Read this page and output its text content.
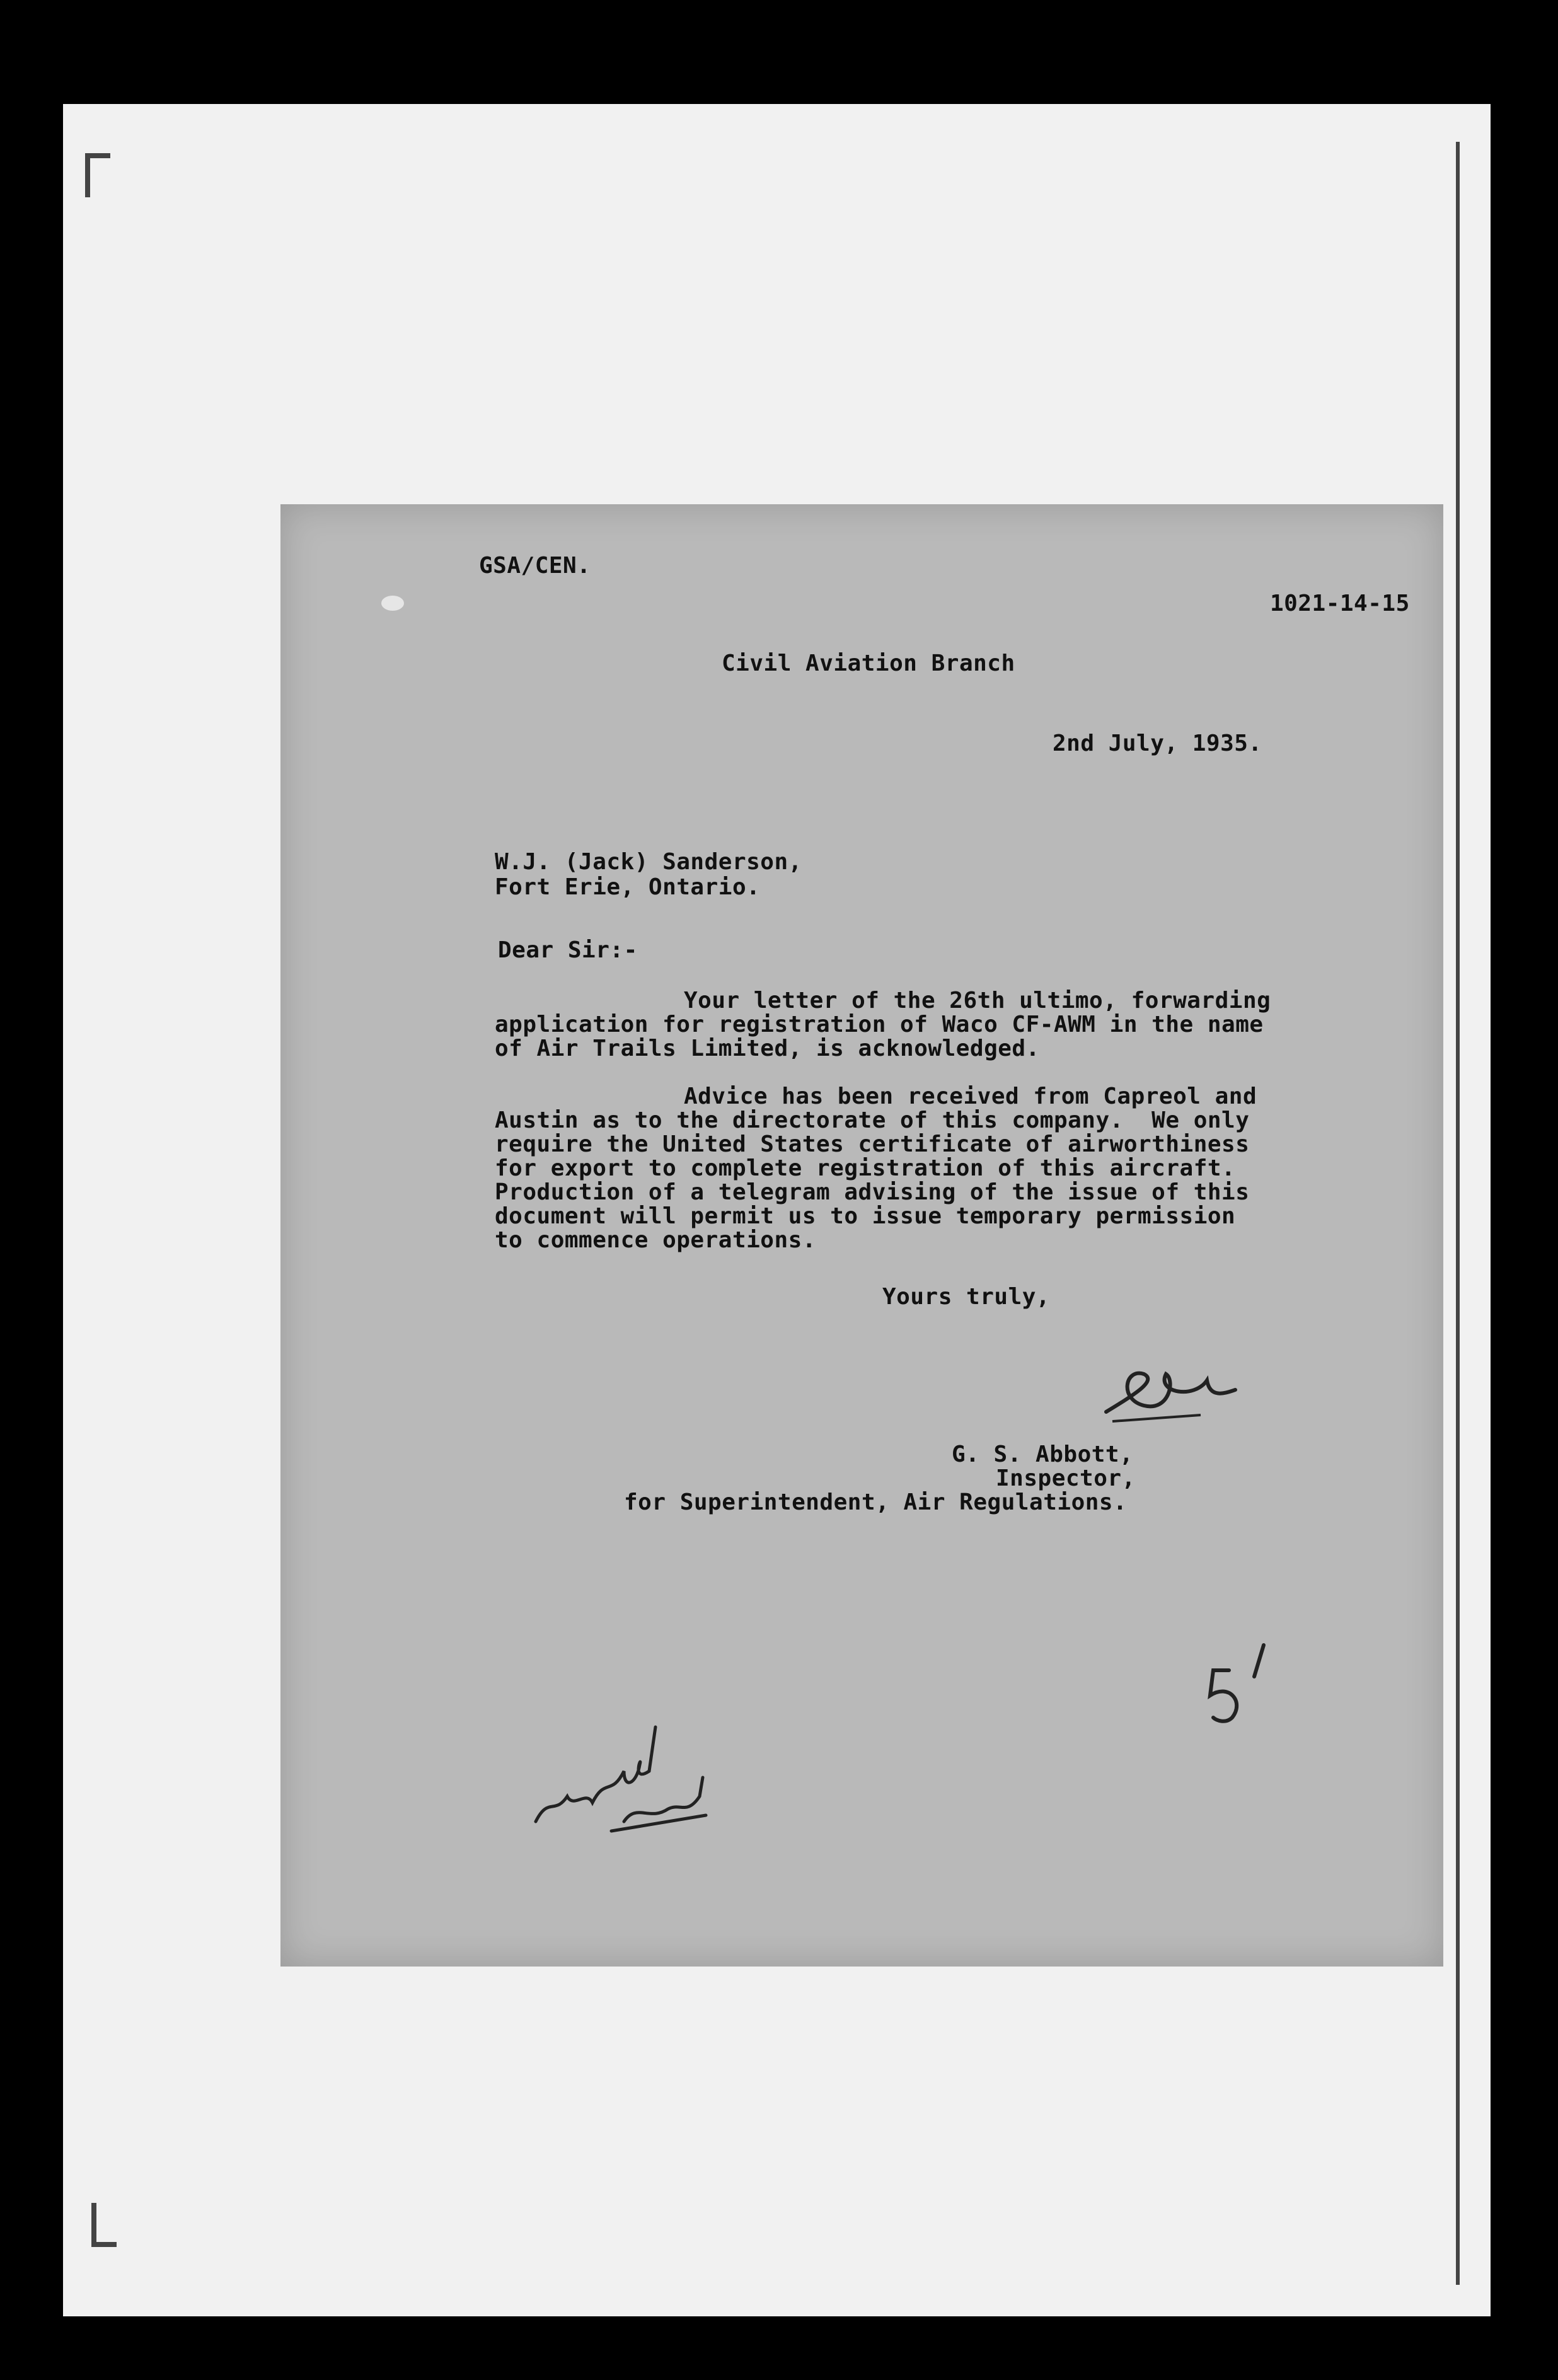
GSA/CEN.
1021-14-15
Civil Aviation Branch
2nd July, 1935.
W.J. (Jack) Sanderson,
Fort Erie, Ontario.
Dear Sir:-
Your letter of the 26th ultimo, forwarding
application for registration of Waco CF-AWM in the name
of Air Trails Limited, is acknowledged.
Advice has been received from Capreol and
Austin as to the directorate of this company.  We only
require the United States certificate of airworthiness
for export to complete registration of this aircraft.
Production of a telegram advising of the issue of this
document will permit us to issue temporary permission
to commence operations.
Yours truly,
G. S. Abbott,
Inspector,
for Superintendent, Air Regulations.
